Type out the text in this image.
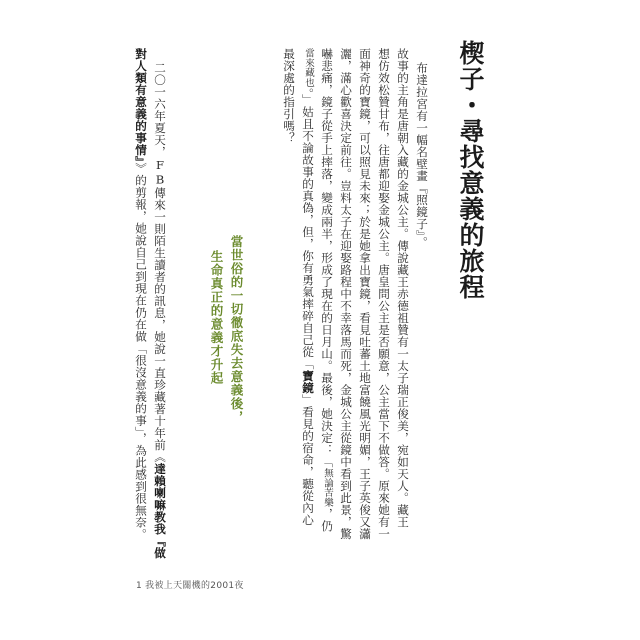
楔子・尋找意義的旅程
布達拉宮有一幅名壁畫『照鏡子』。
故事的主角是唐朝入藏的金城公主。傳說藏王赤德祖贊有一太子瑞正俊美，宛如天人。藏王
想仿效松贊甘布，往唐都迎娶金城公主。唐皇問公主是否願意，公主當下不做答。原來她有一
面神奇的寶鏡，可以照見未來；於是她拿出寶鏡，看見吐蕃土地富饒風光明媚，王子英俊又瀟
灑，滿心歡喜決定前往。豈料太子在迎娶路程中不幸落馬而死，金城公主從鏡中看到此景，驚
嚇悲痛，鏡子從手上摔落，變成兩半，形成了現在的日月山。最後，她決定：「無論苦樂，仍
當來藏也。」姑且不論故事的真偽，但，你有勇氣摔碎自己從「寶鏡」看見的宿命，聽從內心
最深處的指引嗎？
當世俗的一切徹底失去意義後，
生命真正的意義才升起
二〇一六年夏天，FB傳來一則陌生讀者的訊息，她說一直珍藏著十年前《達賴喇嘛教我『做
對人類有意義的事情』》的剪報，她說自己到現在仍在做「很沒意義的事」，為此感到很無奈。
1 我被上天關機的2001夜
